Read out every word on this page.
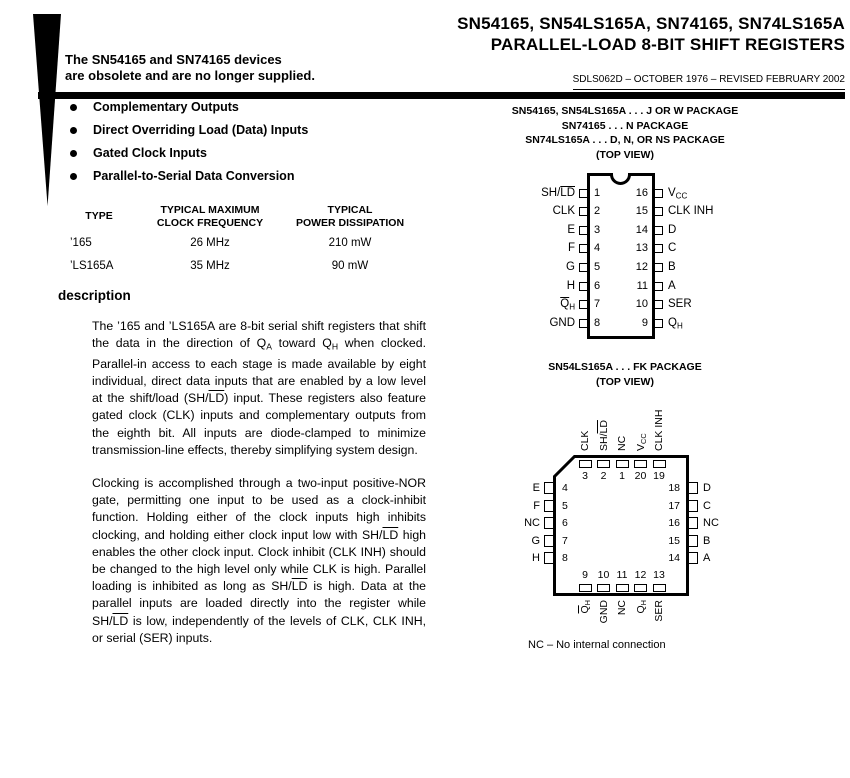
The SN54165 and SN74165 devices
are obsolete and are no longer supplied.
SN54165, SN54LS165A, SN74165, SN74LS165A
PARALLEL-LOAD 8-BIT SHIFT REGISTERS
SDLS062D – OCTOBER 1976 – REVISED FEBRUARY 2002
Complementary Outputs
Direct Overriding Load (Data) Inputs
Gated Clock Inputs
Parallel-to-Serial Data Conversion
TYPE

TYPICAL MAXIMUM
CLOCK FREQUENCY

TYPICAL
POWER DISSIPATION

’165	26 MHz	210 mW
’LS165A	35 MHz	90 mW
description

The ’165 and ’LS165A are 8-bit serial shift registers that shift the data in the direction of $Q_A$ toward $Q_H$ when clocked. Parallel-in access to each stage is made available by eight individual, direct data inputs that are enabled by a low level at the shift/load $(SH/\overline{LD})$ input. These registers also feature gated clock (CLK) inputs and complementary outputs from the eighth bit. All inputs are diode-clamped to minimize transmission-line effects, thereby simplifying system design.

Clocking is accomplished through a two-input positive-NOR gate, permitting one input to be used as a clock-inhibit function. Holding either of the clock inputs high inhibits clocking, and holding either clock input low with $SH/\overline{LD}$ high enables the other clock input. Clock inhibit (CLK INH) should be changed to the high level only while CLK is high. Parallel loading is inhibited as long as $SH/\overline{LD}$ is high. Data at the parallel inputs are loaded directly into the register while $SH/\overline{LD}$ is low, independently of the levels of CLK, CLK INH, or serial (SER) inputs.

SN54165, SN54LS165A . . . J OR W PACKAGE
SN74165 . . . N PACKAGE
SN74LS165A . . . D, N, OR NS PACKAGE
(TOP VIEW)
1
$SH/\overline{LD}$
2
CLK
3
E
4
F
5
G
6
H
7
$\overline{Q}_H$
8
GND
16 $V_{CC}$
15 CLK INH
14 D
13 C
12 B
11 A
10 SER
9 $Q_H$
SN54LS165A . . . FK PACKAGE
(TOP VIEW)
3
CLK
2
$SH/\overline{LD}$
1
NC
20
$V_{CC}$
19
CLK INH
9
$\overline{Q}_H$
10
GND
11
NC
12
$Q_H$
13
SER
4
E
5
F
6
NC
7
G
8
H
18 D
17 C
16 NC
15 B
14 A
NC – No internal connection
